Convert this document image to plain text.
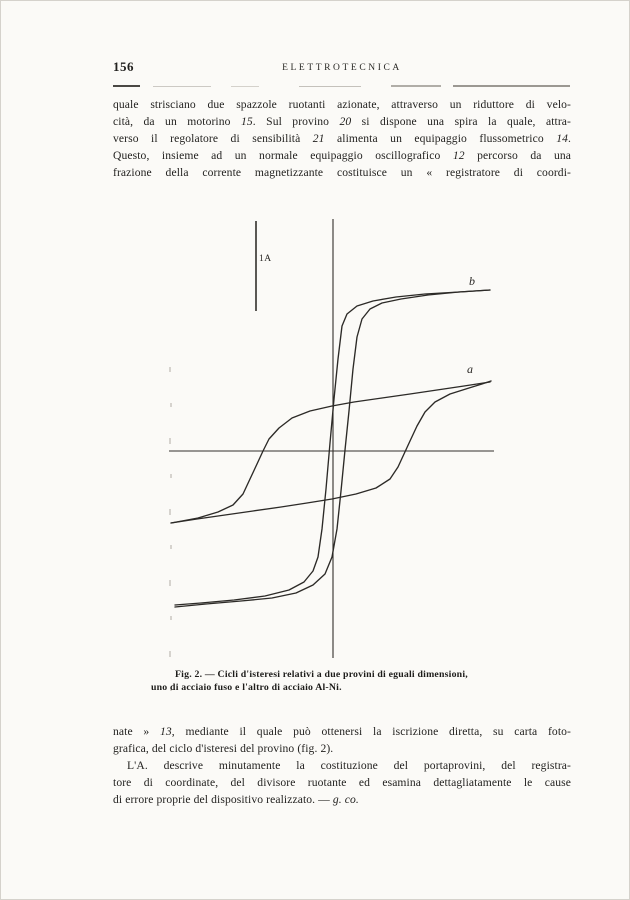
156	ELETTROTECNICA
quale strisciano due spazzole ruotanti azionate, attraverso un riduttore di velo-
cità, da un motorino 15. Sul provino 20 si dispone una spira la quale, attra-
verso il regolatore di sensibilità 21 alimenta un equipaggio flussometrico 14.
Questo, insieme ad un normale equipaggio oscillografico 12 percorso da una
frazione della corrente magnetizzante costituisce un « registratore di coordi-
1A
b
a
Fig. 2. — Cicli d'isteresi relativi a due provini di eguali dimensioni,
uno di acciaio fuso e l'altro di acciaio Al-Ni.
nate » 13, mediante il quale può ottenersi la iscrizione diretta, su carta foto-
grafica, del ciclo d'isteresi del provino (fig. 2).
L'A. descrive minutamente la costituzione del portaprovini, del registra-
tore di coordinate, del divisore ruotante ed esamina dettagliatamente le cause
di errore proprie del dispositivo realizzato. — g. co.
